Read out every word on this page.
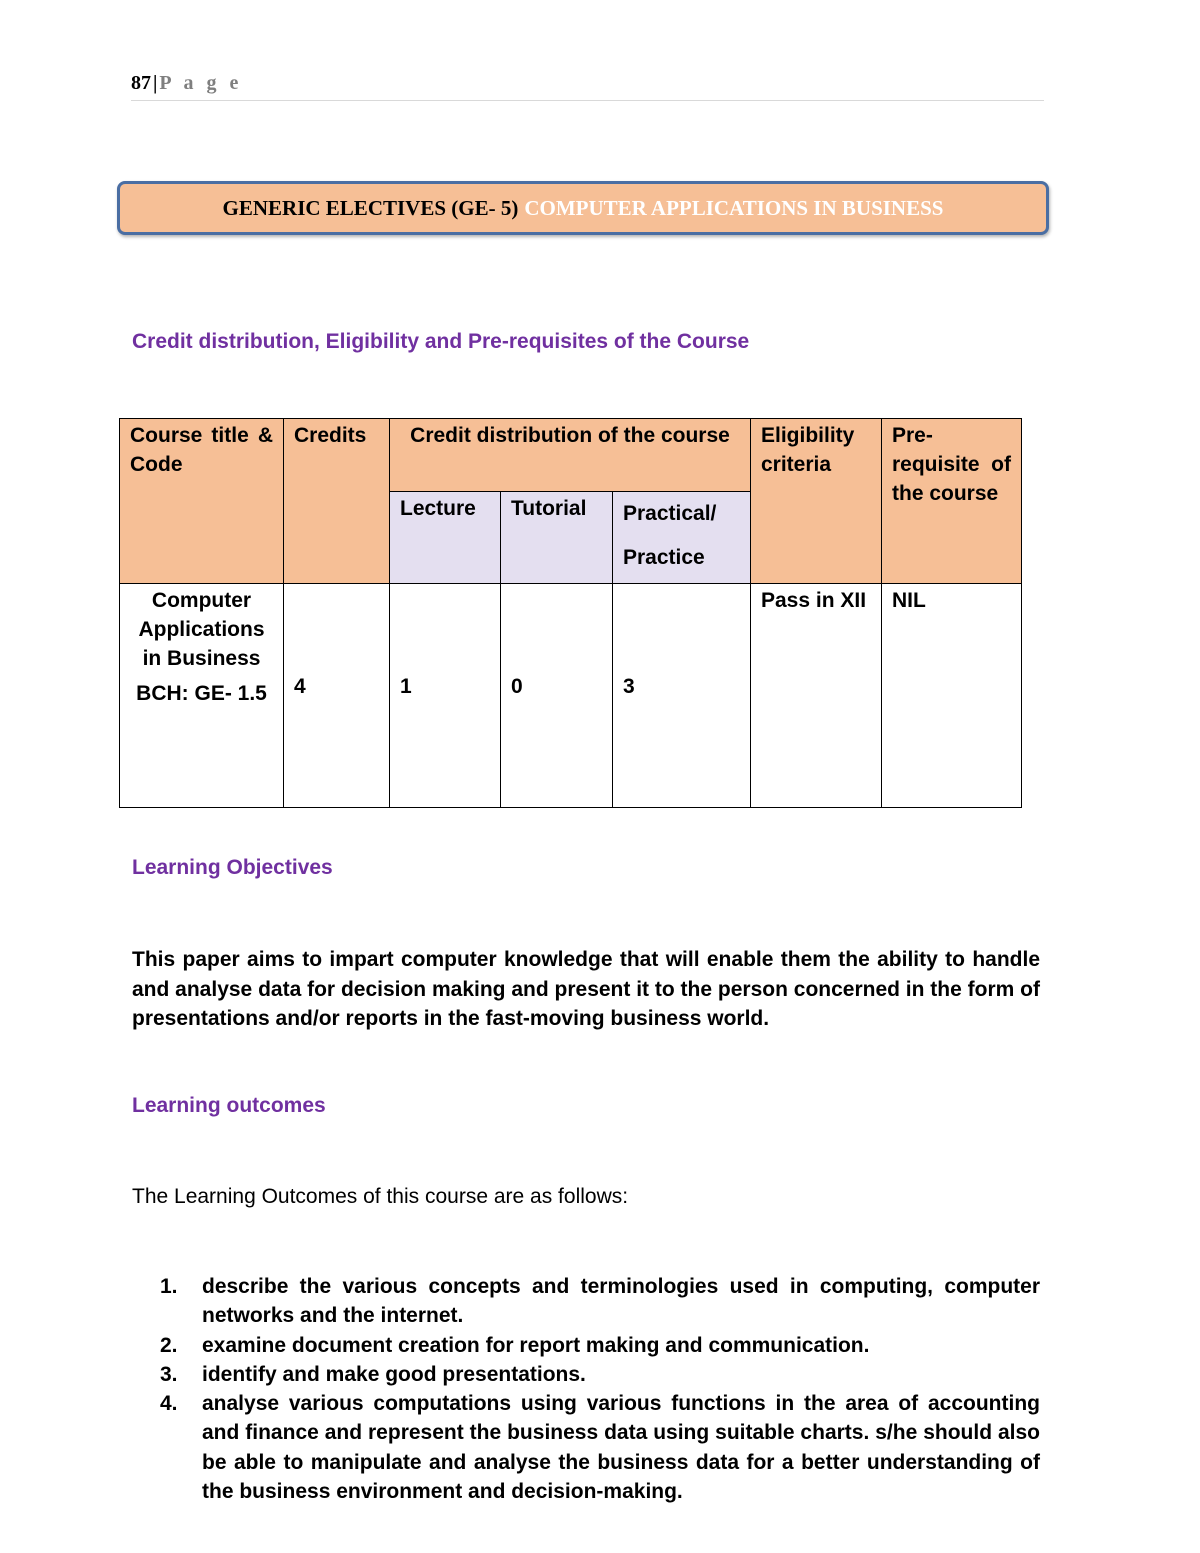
87 | P a g e
GENERIC ELECTIVES (GE- 5) COMPUTER APPLICATIONS IN BUSINESS
Credit distribution, Eligibility and Pre-requisites of the Course
Course title & Code	Credits	Credit distribution of the course			Eligibility criteria	Pre- requisite of the course

		Lecture	Tutorial	Practical/
Practice		

Computer Applications in Business
BCH: GE- 1.5	4	1	0	3	Pass in XII	NIL
Learning Objectives
This paper aims to impart computer knowledge that will enable them the ability to handle and analyse data for decision making and present it to the person concerned in the form of presentations and/or reports in the fast-moving business world.
Learning outcomes
The Learning Outcomes of this course are as follows:
1.	describe the various concepts and terminologies used in computing, computer networks and the internet.
2.	examine document creation for report making and communication.
3.	identify and make good presentations.
4.	analyse various computations using various functions in the area of accounting and finance and represent the business data using suitable charts. s/he should also be able to manipulate and analyse the business data for a better understanding of the business environment and decision-making.
